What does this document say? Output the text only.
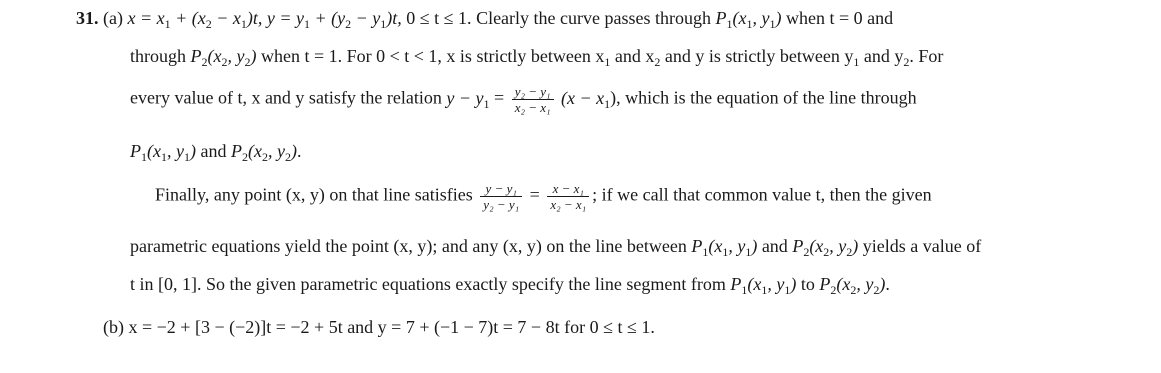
31. (a) $x = x_1 + (x_2 - x_1)t$, $y = y_1 + (y_2 - y_1)t$, 0 ≤ t ≤ 1. Clearly the curve passes through $P_1(x_1$, $y_1$) when t = 0 and
through $P_2(x_2$, $y_2$) when t = 1. For 0 < t < 1, x is strictly between $x_1$ and $x_2$ and y is strictly between $y_1$ and $y_2$. For
every value of t, x and y satisfy the relation $y - y_1 = \frac{\text{y₂ − y₁}}{\text{x₂ − x₁}} (x - x_1)$, which is the equation of the line through
$P_1(x_1$, $y_1$) and $P_2(x_2$, $y_2$).
Finally, any point (x, y) on that line satisfies $\frac{\text{y − y₁}}{\text{y₂ − y₁}} = \frac{\text{x − x₁}}{\text{x₂ − x₁}}$ ; if we call that common value t, then the given
parametric equations yield the point (x, y); and any (x, y) on the line between $P_1(x_1$, $y_1$) and $P_2(x_2$, $y_2$) yields a value of
t in [0, 1]. So the given parametric equations exactly specify the line segment from $P_1(x_1$, $y_1$) to $P_2(x_2$, $y_2$).
(b) x = −2 + [3 − (−2)]t = −2 + 5t and y = 7 + (−1 − 7)t = 7 − 8t for 0 ≤ t ≤ 1.
